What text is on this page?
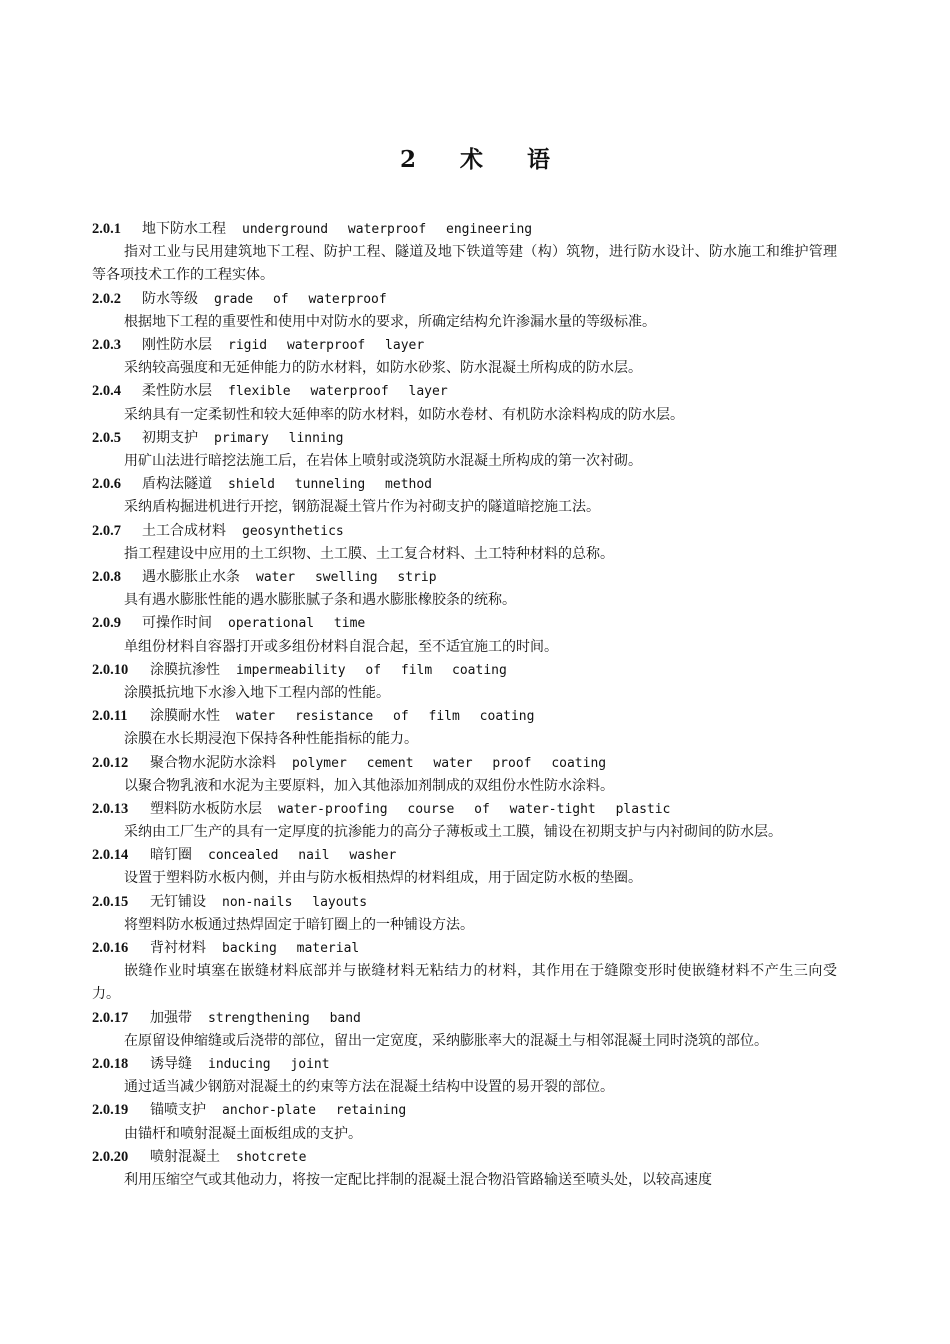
2 术 语
2.0.1 地下防水工程 underground waterproof engineering

指对工业与民用建筑地下工程、防护工程、隧道及地下铁道等建（构）筑物，进行防水设计、防水施工和维护管理等各项技术工作的工程实体。

2.0.2 防水等级 grade of waterproof

根据地下工程的重要性和使用中对防水的要求，所确定结构允许渗漏水量的等级标准。

2.0.3 刚性防水层 rigid waterproof layer

采纳较高强度和无延伸能力的防水材料，如防水砂浆、防水混凝土所构成的防水层。

2.0.4 柔性防水层 flexible waterproof layer

采纳具有一定柔韧性和较大延伸率的防水材料，如防水卷材、有机防水涂料构成的防水层。

2.0.5 初期支护 primary linning

用矿山法进行暗挖法施工后，在岩体上喷射或浇筑防水混凝土所构成的第一次衬砌。

2.0.6 盾构法隧道 shield tunneling method

采纳盾构掘进机进行开挖，钢筋混凝土管片作为衬砌支护的隧道暗挖施工法。

2.0.7 土工合成材料 geosynthetics

指工程建设中应用的土工织物、土工膜、土工复合材料、土工特种材料的总称。

2.0.8 遇水膨胀止水条 water swelling strip

具有遇水膨胀性能的遇水膨胀腻子条和遇水膨胀橡胶条的统称。

2.0.9 可操作时间 operational time

单组份材料自容器打开或多组份材料自混合起，至不适宜施工的时间。

2.0.10 涂膜抗渗性 impermeability of film coating

涂膜抵抗地下水渗入地下工程内部的性能。

2.0.11 涂膜耐水性 water resistance of film coating

涂膜在水长期浸泡下保持各种性能指标的能力。

2.0.12 聚合物水泥防水涂料 polymer cement water proof coating

以聚合物乳液和水泥为主要原料，加入其他添加剂制成的双组份水性防水涂料。

2.0.13 塑料防水板防水层 water-proofing course of water-tight plastic

采纳由工厂生产的具有一定厚度的抗渗能力的高分子薄板或土工膜，铺设在初期支护与内衬砌间的防水层。

2.0.14 暗钉圈 concealed nail washer

设置于塑料防水板内侧，并由与防水板相热焊的材料组成，用于固定防水板的垫圈。

2.0.15 无钉铺设 non-nails layouts

将塑料防水板通过热焊固定于暗钉圈上的一种铺设方法。

2.0.16 背衬材料 backing material

嵌缝作业时填塞在嵌缝材料底部并与嵌缝材料无粘结力的材料，其作用在于缝隙变形时使嵌缝材料不产生三向受力。

2.0.17 加强带 strengthening band

在原留设伸缩缝或后浇带的部位，留出一定宽度，采纳膨胀率大的混凝土与相邻混凝土同时浇筑的部位。

2.0.18 诱导缝 inducing joint

通过适当减少钢筋对混凝土的约束等方法在混凝土结构中设置的易开裂的部位。

2.0.19 锚喷支护 anchor-plate retaining

由锚杆和喷射混凝土面板组成的支护。

2.0.20 喷射混凝土 shotcrete

利用压缩空气或其他动力，将按一定配比拌制的混凝土混合物沿管路输送至喷头处，以较高速度
